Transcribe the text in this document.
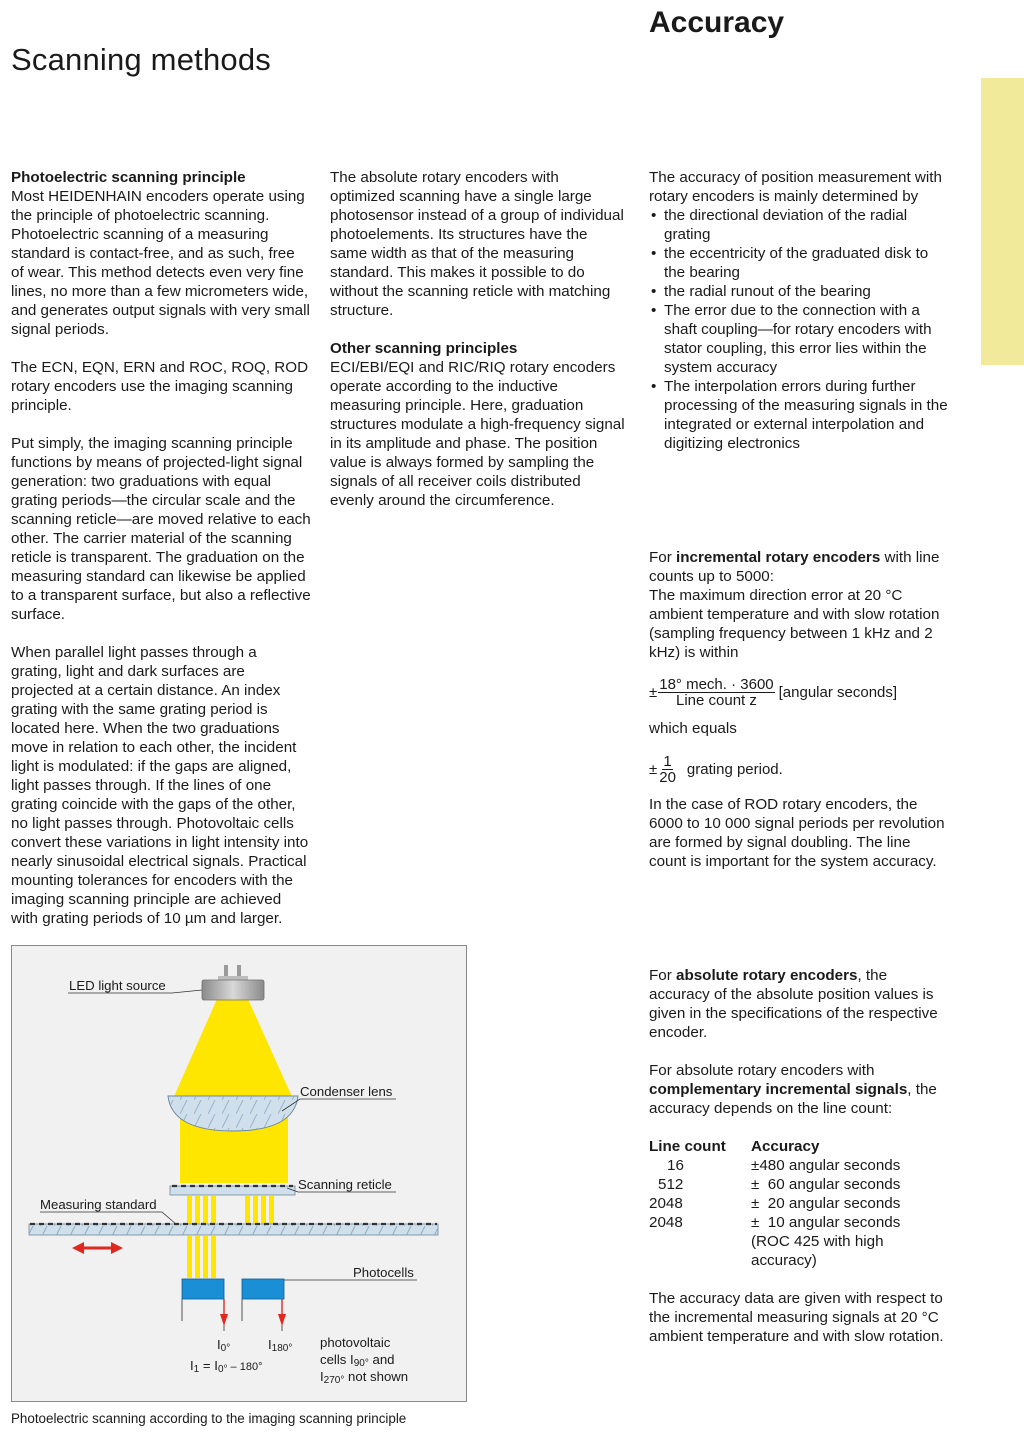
Scanning methods
Accuracy

Photoelectric scanning principle
Most HEIDENHAIN encoders operate using the principle of photoelectric scanning. Photoelectric scanning of a measuring standard is contact-free, and as such, free of wear. This method detects even very fine lines, no more than a few micrometers wide, and generates output signals with very small signal periods.

The ECN, EQN, ERN and ROC, ROQ, ROD rotary encoders use the imaging scanning principle.

Put simply, the imaging scanning principle functions by means of projected-light signal generation: two graduations with equal grating periods—the circular scale and the scanning reticle—are moved relative to each other. The carrier material of the scanning reticle is transparent. The graduation on the measuring standard can likewise be applied to a transparent surface, but also a reflective surface.

When parallel light passes through a grating, light and dark surfaces are projected at a certain distance. An index grating with the same grating period is located here. When the two graduations move in relation to each other, the incident light is modulated: if the gaps are aligned, light passes through. If the lines of one grating coincide with the gaps of the other, no light passes through. Photovoltaic cells convert these variations in light intensity into nearly sinusoidal electrical signals. Practical mounting tolerances for encoders with the imaging scanning principle are achieved with grating periods of 10 µm and larger.

The absolute rotary encoders with optimized scanning have a single large photosensor instead of a group of individual photoelements. Its structures have the same width as that of the measuring standard. This makes it possible to do without the scanning reticle with matching structure.

Other scanning principles
ECI/EBI/EQI and RIC/RIQ rotary encoders operate according to the inductive measuring principle. Here, graduation structures modulate a high-frequency signal in its amplitude and phase. The position value is always formed by sampling the signals of all receiver coils distributed evenly around the circumference.

The accuracy of position measurement with rotary encoders is mainly determined by
• the directional deviation of the radial grating
• the eccentricity of the graduated disk to the bearing
• the radial runout of the bearing
• The error due to the connection with a shaft coupling—for rotary encoders with stator coupling, this error lies within the system accuracy
• The interpolation errors during further processing of the measuring signals in the integrated or external interpolation and digitizing electronics
For incremental rotary encoders with line counts up to 5000:
The maximum direction error at 20 °C ambient temperature and with slow rotation (sampling frequency between 1 kHz and 2 kHz) is within
± $\frac{\text{18° mech. · 3600}}{\text{Line count z}}$ [angular seconds]
which equals
± $\frac{1}{20}$ grating period.
In the case of ROD rotary encoders, the 6000 to 10 000 signal periods per revolution are formed by signal doubling. The line count is important for the system accuracy.

For absolute rotary encoders, the accuracy of the absolute position values is given in the specifications of the respective encoder.

For absolute rotary encoders with complementary incremental signals, the accuracy depends on the line count:

Line count	Accuracy
16	±480 angular seconds
512	±  60 angular seconds
2048	±  20 angular seconds
2048	±  10 angular seconds (ROC 425 with high accuracy)

The accuracy data are given with respect to the incremental measuring signals at 20 °C ambient temperature and with slow rotation.

LED light source
Condenser lens
Scanning reticle
Measuring standard
Photocells
I0°	I180°
I1 = I0° – 180°
photovoltaic
cells I90° and
I270° not shown
Photoelectric scanning according to the imaging scanning principle
